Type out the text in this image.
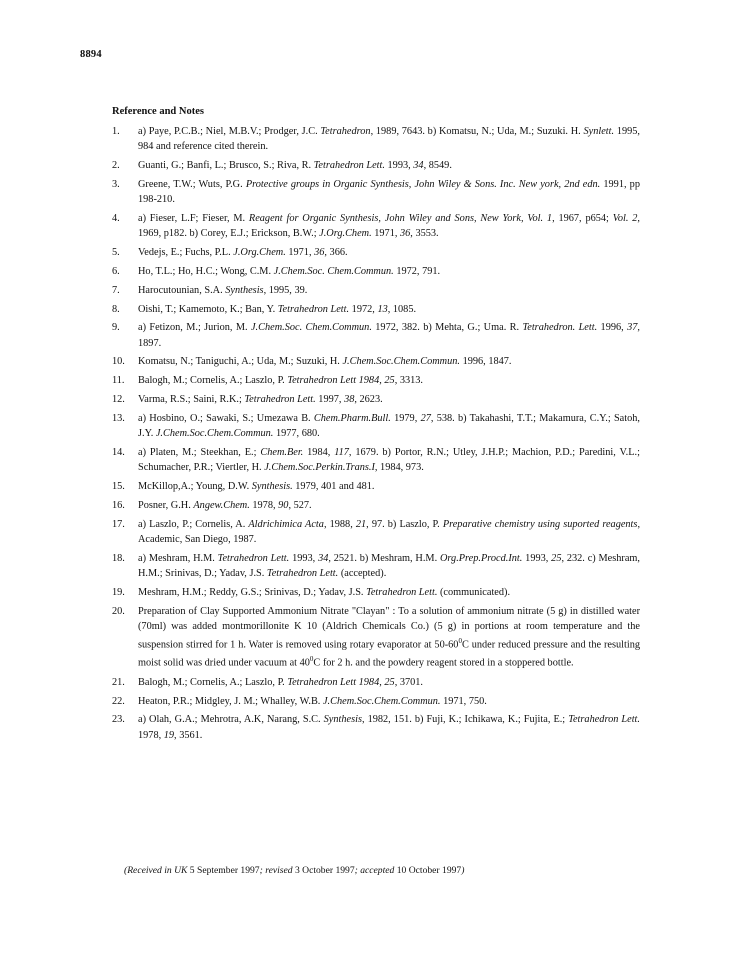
8894
Reference and Notes
1.	a) Paye, P.C.B.; Niel, M.B.V.; Prodger, J.C. Tetrahedron, 1989, 7643. b) Komatsu, N.; Uda, M.; Suzuki. H. Synlett. 1995, 984 and reference cited therein.
2.	Guanti, G.; Banfi, L.; Brusco, S.; Riva, R. Tetrahedron Lett. 1993, 34, 8549.
3.	Greene, T.W.; Wuts, P.G. Protective groups in Organic Synthesis, John Wiley & Sons. Inc. New york, 2nd edn. 1991, pp 198-210.
4.	a) Fieser, L.F; Fieser, M. Reagent for Organic Synthesis, John Wiley and Sons, New York, Vol. 1, 1967, p654; Vol. 2, 1969, p182. b) Corey, E.J.; Erickson, B.W.; J.Org.Chem. 1971, 36, 3553.
5.	Vedejs, E.; Fuchs, P.L. J.Org.Chem. 1971, 36, 366.
6.	Ho, T.L.; Ho, H.C.; Wong, C.M. J.Chem.Soc. Chem.Commun. 1972, 791.
7.	Harocutounian, S.A. Synthesis, 1995, 39.
8.	Oishi, T.; Kamemoto, K.; Ban, Y. Tetrahedron Lett. 1972, 13, 1085.
9.	a) Fetizon, M.; Jurion, M. J.Chem.Soc. Chem.Commun. 1972, 382. b) Mehta, G.; Uma. R. Tetrahedron. Lett. 1996, 37, 1897.
10.	Komatsu, N.; Taniguchi, A.; Uda, M.; Suzuki, H. J.Chem.Soc.Chem.Commun. 1996, 1847.
11.	Balogh, M.; Cornelis, A.; Laszlo, P. Tetrahedron Lett 1984, 25, 3313.
12.	Varma, R.S.; Saini, R.K.; Tetrahedron Lett. 1997, 38, 2623.
13.	a) Hosbino, O.; Sawaki, S.; Umezawa B. Chem.Pharm.Bull. 1979, 27, 538. b) Takahashi, T.T.; Makamura, C.Y.; Satoh, J.Y. J.Chem.Soc.Chem.Commun. 1977, 680.
14.	a) Platen, M.; Steekhan, E.; Chem.Ber. 1984, 117, 1679. b) Portor, R.N.; Utley, J.H.P.; Machion, P.D.; Paredini, V.L.; Schumacher, P.R.; Viertler, H. J.Chem.Soc.Perkin.Trans.I, 1984, 973.
15.	McKillop,A.; Young, D.W. Synthesis. 1979, 401 and 481.
16.	Posner, G.H. Angew.Chem. 1978, 90, 527.
17.	a) Laszlo, P.; Cornelis, A. Aldrichimica Acta, 1988, 21, 97. b) Laszlo, P. Preparative chemistry using suported reagents, Academic, San Diego, 1987.
18.	a) Meshram, H.M. Tetrahedron Lett. 1993, 34, 2521. b) Meshram, H.M. Org.Prep.Procd.Int. 1993, 25, 232. c) Meshram, H.M.; Srinivas, D.; Yadav, J.S. Tetrahedron Lett. (accepted).
19.	Meshram, H.M.; Reddy, G.S.; Srinivas, D.; Yadav, J.S. Tetrahedron Lett. (communicated).
20.	Preparation of Clay Supported Ammonium Nitrate "Clayan" : To a solution of ammonium nitrate (5 g) in distilled water (70ml) was added montmorillonite K 10 (Aldrich Chemicals Co.) (5 g) in portions at room temperature and the suspension stirred for 1 h. Water is removed using rotary evaporator at $50-60^0C$ under reduced pressure and the resulting moist solid was dried under vacuum at $40^0C$ for 2 h. and the powdery reagent stored in a stoppered bottle.
21.	Balogh, M.; Cornelis, A.; Laszlo, P. Tetrahedron Lett 1984, 25, 3701.
22.	Heaton, P.R.; Midgley, J. M.; Whalley, W.B. J.Chem.Soc.Chem.Commun. 1971, 750.
23.	a) Olah, G.A.; Mehrotra, A.K, Narang, S.C. Synthesis, 1982, 151. b) Fuji, K.; Ichikawa, K.; Fujita, E.; Tetrahedron Lett. 1978, 19, 3561.
(Received in UK 5 September 1997; revised 3 October 1997; accepted 10 October 1997)
